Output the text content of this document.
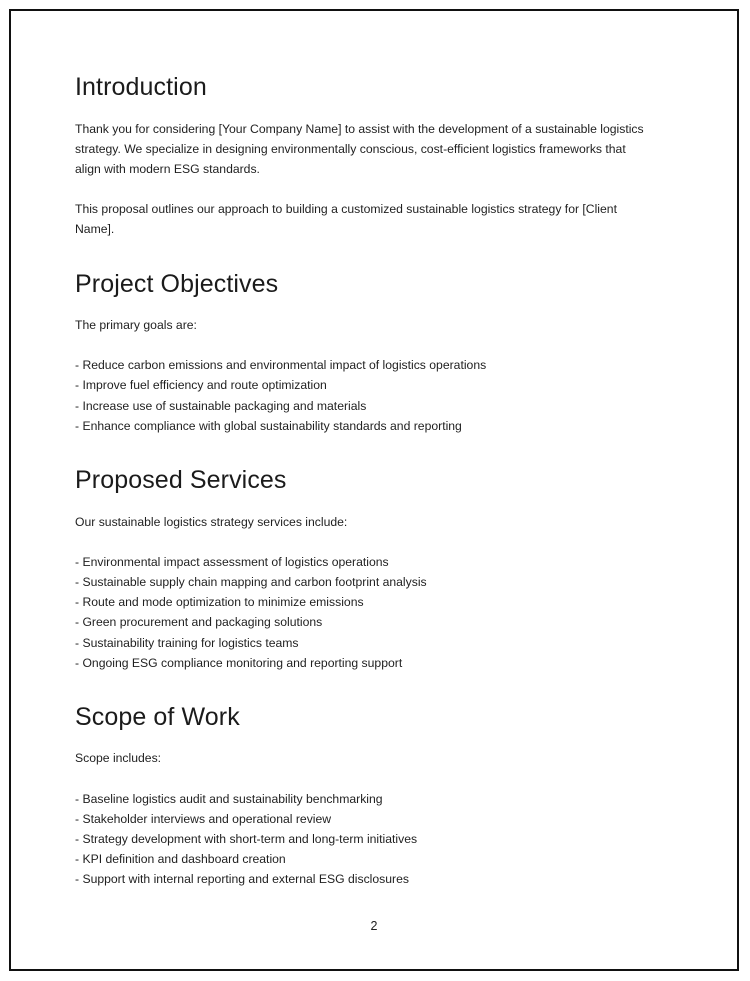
Introduction

Thank you for considering [Your Company Name] to assist with the development of a sustainable logistics strategy. We specialize in designing environmentally conscious, cost-efficient logistics frameworks that align with modern ESG standards.

This proposal outlines our approach to building a customized sustainable logistics strategy for [Client Name].

Project Objectives

The primary goals are:

- Reduce carbon emissions and environmental impact of logistics operations
- Improve fuel efficiency and route optimization
- Increase use of sustainable packaging and materials
- Enhance compliance with global sustainability standards and reporting
Proposed Services

Our sustainable logistics strategy services include:

- Environmental impact assessment of logistics operations
- Sustainable supply chain mapping and carbon footprint analysis
- Route and mode optimization to minimize emissions
- Green procurement and packaging solutions
- Sustainability training for logistics teams
- Ongoing ESG compliance monitoring and reporting support
Scope of Work

Scope includes:

- Baseline logistics audit and sustainability benchmarking
- Stakeholder interviews and operational review
- Strategy development with short-term and long-term initiatives
- KPI definition and dashboard creation
- Support with internal reporting and external ESG disclosures
2
